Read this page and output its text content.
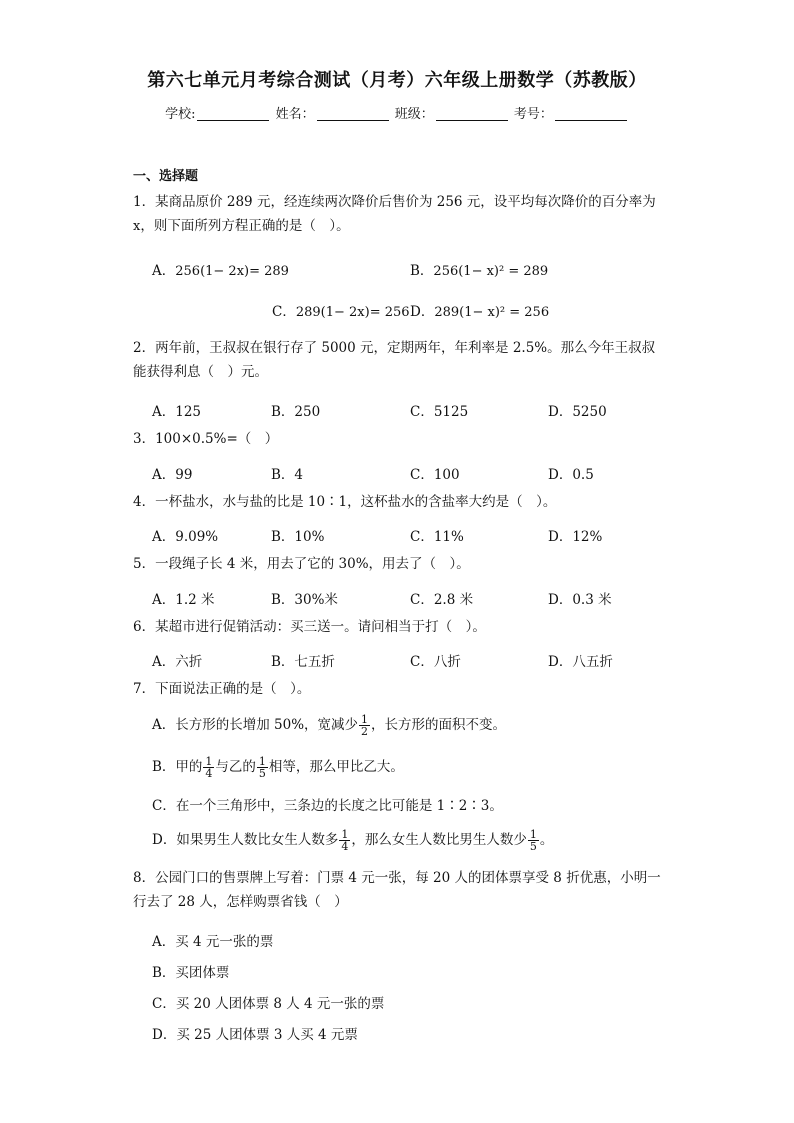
第六七单元月考综合测试（月考）六年级上册数学（苏教版）
学校:	姓名：	班级：	考号：
一、选择题
1．某商品原价 289 元，经连续两次降价后售价为 256 元，设平均每次降价的百分率为
x，则下面所列方程正确的是（　）。
A．256(1− 2x)= 289	B．256(1− x)² = 289
C．289(1− 2x)= 256 D．289(1− x)² = 256
2．两年前，王叔叔在银行存了 5000 元，定期两年，年利率是 2.5%。那么今年王叔叔
能获得利息（　）元。
A．125	B．250	C．5125	D．5250
3．100×0.5%=（　）
A．99	B．4	C．100	D．0.5
4．一杯盐水，水与盐的比是 10∶1，这杯盐水的含盐率大约是（　）。
A．9.09%	B．10%	C．11%	D．12%
5．一段绳子长 4 米，用去了它的 30%，用去了（　）。
A．1.2 米	B．30%米	C．2.8 米	D．0.3 米
6．某超市进行促销活动：买三送一。请问相当于打（　）。
A．六折	B．七五折	C．八折	D．八五折
7．下面说法正确的是（　）。
A．长方形的长增加 50%，宽减少 $\frac{1}{2}$ ，长方形的面积不变。
B．甲的 $\frac{1}{4}$ 与乙的 $\frac{1}{5}$ 相等，那么甲比乙大。
C．在一个三角形中，三条边的长度之比可能是 1∶2∶3。
D．如果男生人数比女生人数多 $\frac{1}{4}$ ，那么女生人数比男生人数少 $\frac{1}{5}$ 。
8．公园门口的售票牌上写着：门票 4 元一张，每 20 人的团体票享受 8 折优惠，小明一
行去了 28 人，怎样购票省钱（　）
A．买 4 元一张的票
B．买团体票
C．买 20 人团体票 8 人 4 元一张的票
D．买 25 人团体票 3 人买 4 元票
